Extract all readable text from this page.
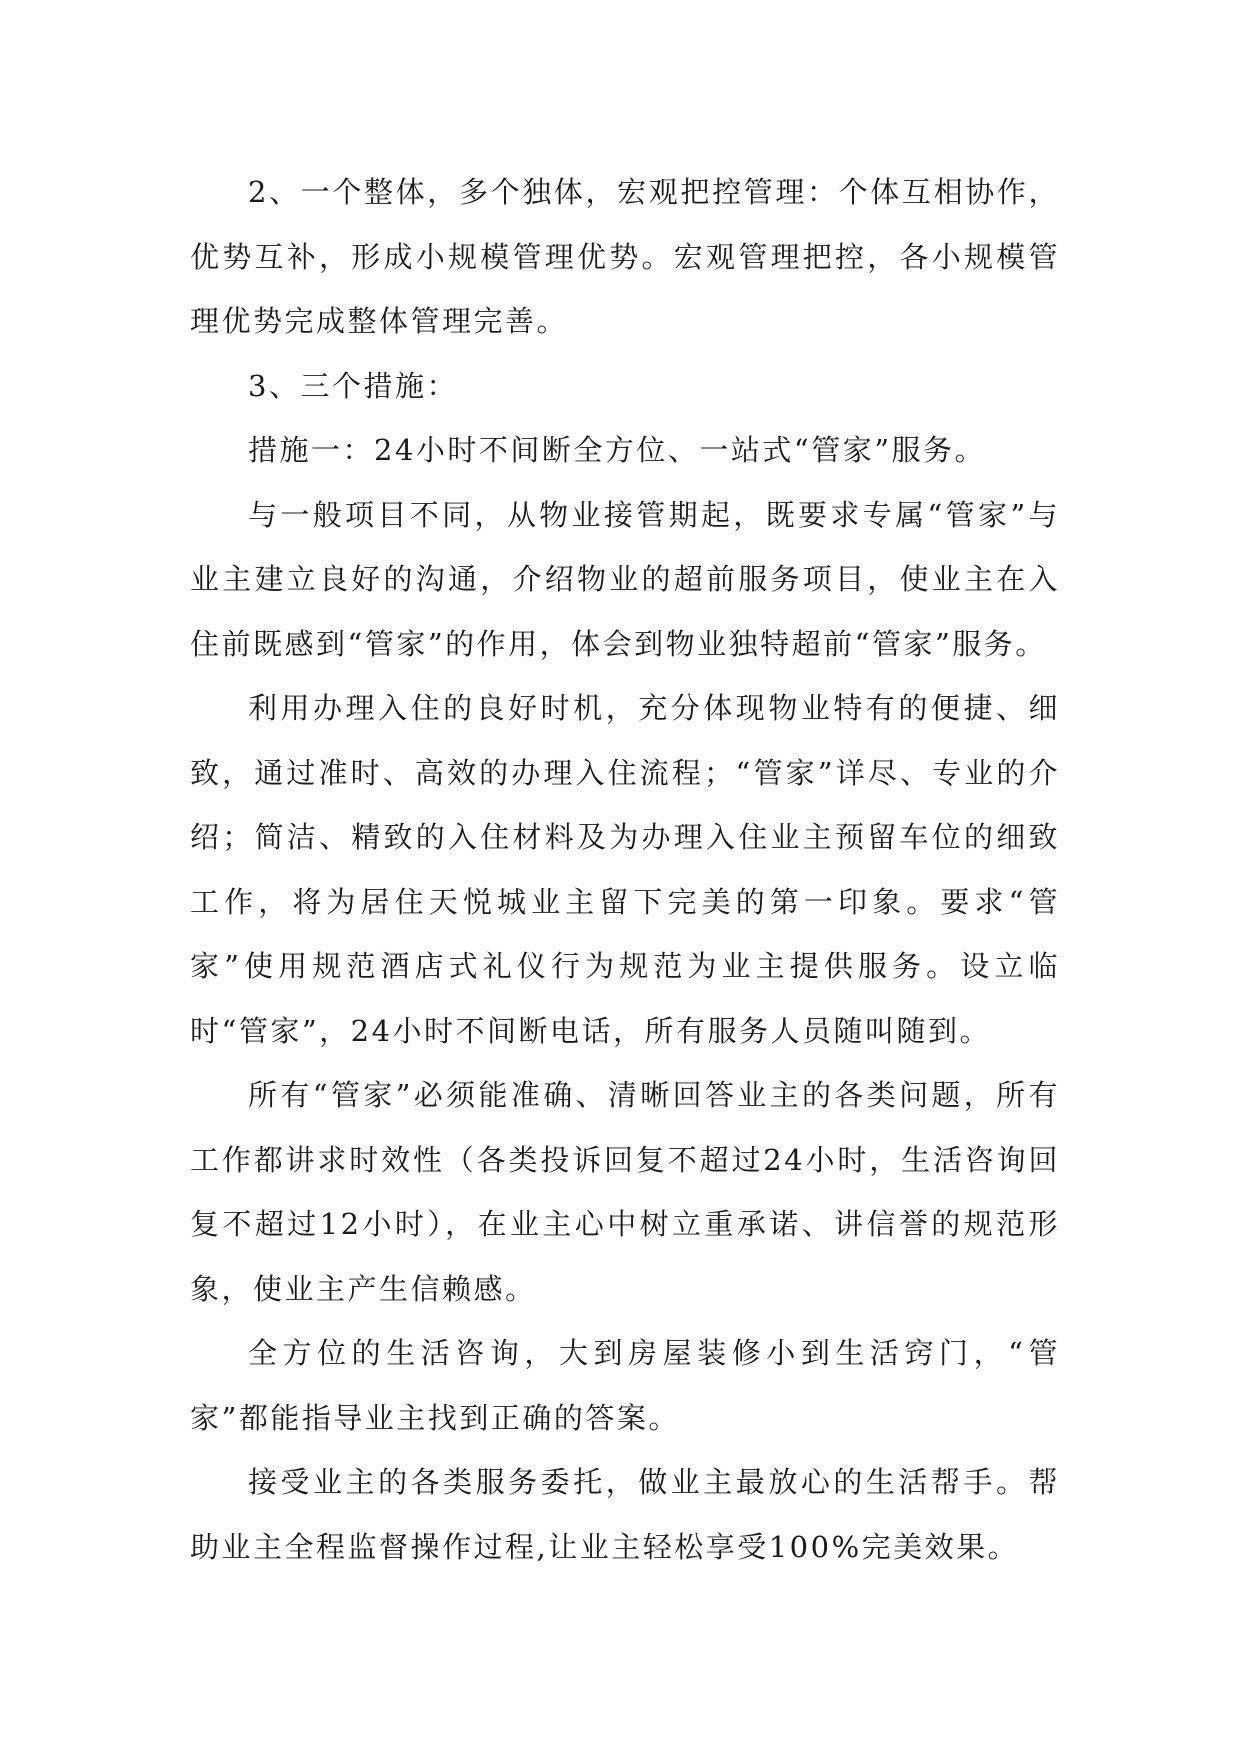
2、一个整体，多个独体，宏观把控管理：个体互相协作，优势互补，形成小规模管理优势。宏观管理把控，各小规模管理优势完成整体管理完善。

3、三个措施：

措施一：24小时不间断全方位、一站式“管家”服务。

与一般项目不同，从物业接管期起，既要求专属“管家”与业主建立良好的沟通，介绍物业的超前服务项目，使业主在入住前既感到“管家”的作用，体会到物业独特超前“管家”服务。

利用办理入住的良好时机，充分体现物业特有的便捷、细致，通过准时、高效的办理入住流程；“管家”详尽、专业的介绍；简洁、精致的入住材料及为办理入住业主预留车位的细致工作，将为居住天悦城业主留下完美的第一印象。要求“管家”使用规范酒店式礼仪行为规范为业主提供服务。设立临时“管家”，24小时不间断电话，所有服务人员随叫随到。

所有“管家”必须能准确、清晰回答业主的各类问题，所有工作都讲求时效性（各类投诉回复不超过24小时，生活咨询回复不超过12小时），在业主心中树立重承诺、讲信誉的规范形象，使业主产生信赖感。

全方位的生活咨询，大到房屋装修小到生活窍门，“管家”都能指导业主找到正确的答案。

接受业主的各类服务委托，做业主最放心的生活帮手。帮助业主全程监督操作过程,让业主轻松享受100%完美效果。
